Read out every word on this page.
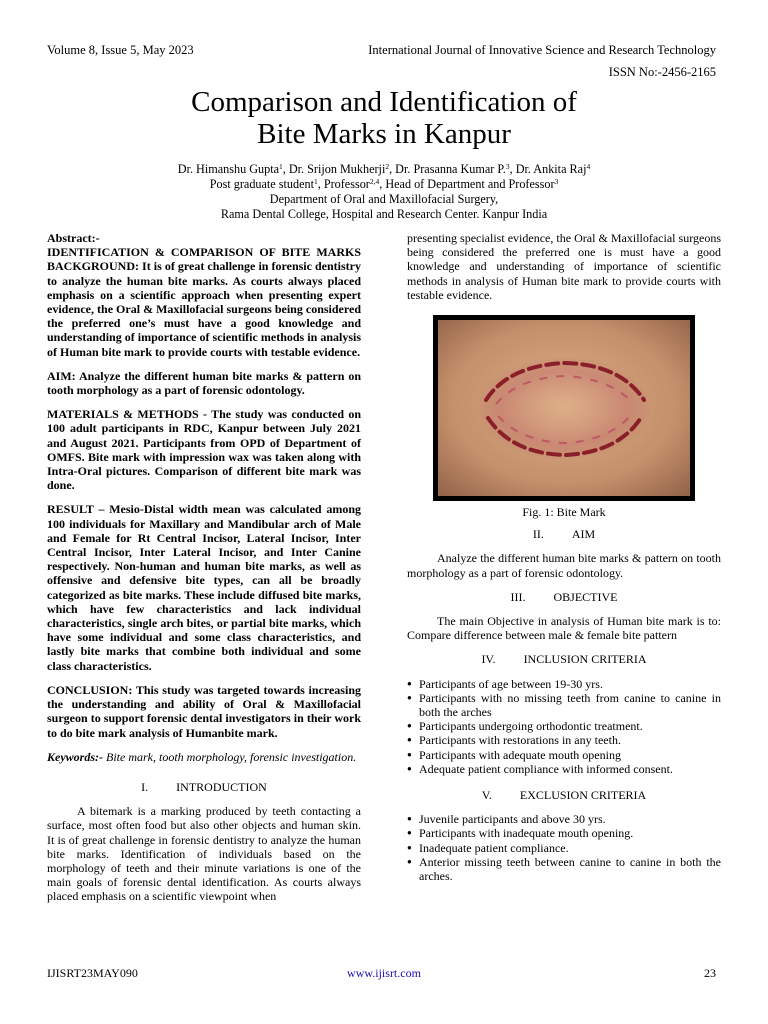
Volume 8, Issue 5, May 2023	International Journal of Innovative Science and Research Technology
ISSN No:-2456-2165
Comparison and Identification of
Bite Marks in Kanpur
Dr. Himanshu Gupta$^1$, Dr. Srijon Mukherji$^2$, Dr. Prasanna Kumar P.$^3$, Dr. Ankita Raj$^4$
Post graduate student$^1$, Professor$^{2,4}$, Head of Department and Professor$^3$
Department of Oral and Maxillofacial Surgery,
Rama Dental College, Hospital and Research Center. Kanpur India
Abstract:-

IDENTIFICATION & COMPARISON OF BITE MARKS BACKGROUND: It is of great challenge in forensic dentistry to analyze the human bite marks. As courts always placed emphasis on a scientific approach when presenting expert evidence, the Oral & Maxillofacial surgeons being considered the preferred one’s must have a good knowledge and understanding of importance of scientific methods in analysis of Human bite mark to provide courts with testable evidence.

AIM: Analyze the different human bite marks & pattern on tooth morphology as a part of forensic odontology.

MATERIALS & METHODS - The study was conducted on 100 adult participants in RDC, Kanpur between July 2021 and August 2021. Participants from OPD of Department of OMFS. Bite mark with impression wax was taken along with Intra-Oral pictures. Comparison of different bite mark was done.

RESULT – Mesio-Distal width mean was calculated among 100 individuals for Maxillary and Mandibular arch of Male and Female for Rt Central Incisor, Lateral Incisor, Inter Central Incisor, Inter Lateral Incisor, and Inter Canine respectively. Non-human and human bite marks, as well as offensive and defensive bite types, can all be broadly categorized as bite marks. These include diffused bite marks, which have few characteristics and lack individual characteristics, single arch bites, or partial bite marks, which have some individual and some class characteristics, and lastly bite marks that combine both individual and some class characteristics.

CONCLUSION: This study was targeted towards increasing the understanding and ability of Oral & Maxillofacial surgeon to support forensic dental investigators in their work to do bite mark analysis of Humanbite mark.

Keywords:- Bite mark, tooth morphology, forensic investigation.
I. INTRODUCTION

A bitemark is a marking produced by teeth contacting a surface, most often food but also other objects and human skin. It is of great challenge in forensic dentistry to analyze the human bite marks. Identification of individuals based on the morphology of teeth and their minute variations is one of the main goals of forensic dental identification. As courts always placed emphasis on a scientific viewpoint when

presenting specialist evidence, the Oral & Maxillofacial surgeons being considered the preferred one is must have a good knowledge and understanding of importance of scientific methods in analysis of Human bite mark to provide courts with testable evidence.

Fig. 1: Bite Mark
II. AIM

Analyze the different human bite marks & pattern on tooth morphology as a part of forensic odontology.

III. OBJECTIVE

The main Objective in analysis of Human bite mark is to: Compare difference between male & female bite pattern

IV. INCLUSION CRITERIA
● Participants of age between 19-30 yrs.
● Participants with no missing teeth from canine to canine in both the arches
● Participants undergoing orthodontic treatment.
● Participants with restorations in any teeth.
● Participants with adequate mouth opening
● Adequate patient compliance with informed consent.
V. EXCLUSION CRITERIA
● Juvenile participants and above 30 yrs.
● Participants with inadequate mouth opening.
● Inadequate patient compliance.
● Anterior missing teeth between canine to canine in both the arches.
IJISRT23MAY090	www.ijisrt.com	23
